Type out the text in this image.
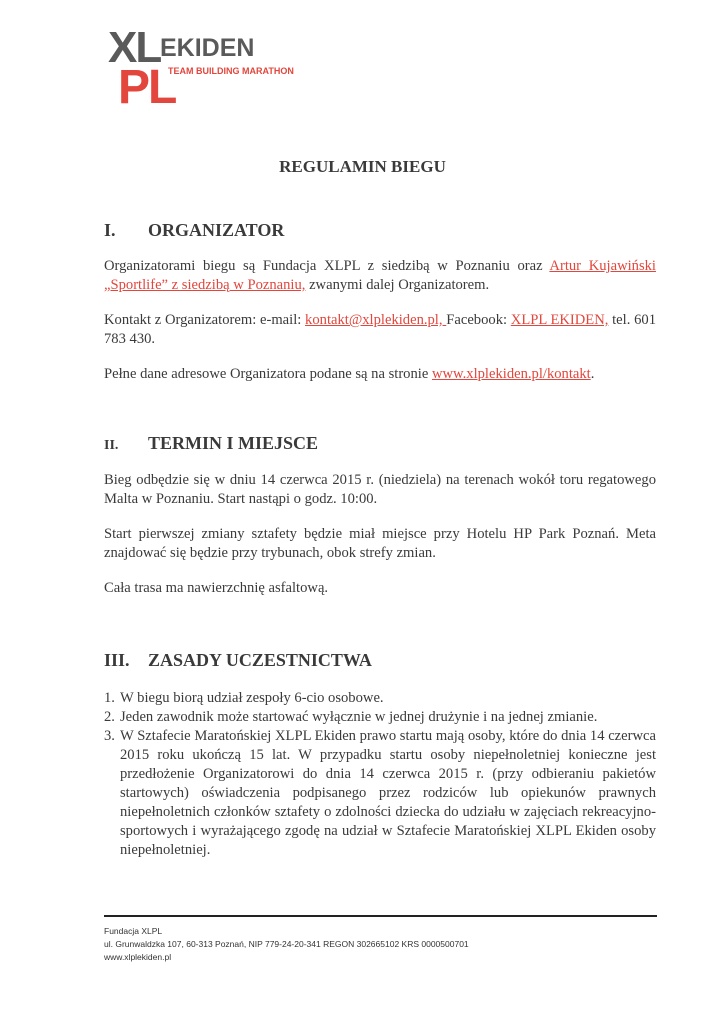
XL
PL
EKIDEN
TEAM BUILDING MARATHON
REGULAMIN BIEGU
I. ORGANIZATOR
Organizatorami biegu są Fundacja XLPL z siedzibą w Poznaniu oraz Artur Kujawiński „Sportlife” z siedzibą w Poznaniu, zwanymi dalej Organizatorem.
Kontakt z Organizatorem: e-mail: kontakt@xlplekiden.pl, Facebook: XLPL EKIDEN, tel. 601 783 430.
Pełne dane adresowe Organizatora podane są na stronie www.xlplekiden.pl/kontakt.
II. TERMIN I MIEJSCE
Bieg odbędzie się w dniu 14 czerwca 2015 r. (niedziela) na terenach wokół toru regatowego Malta w Poznaniu. Start nastąpi o godz. 10:00.
Start pierwszej zmiany sztafety będzie miał miejsce przy Hotelu HP Park Poznań. Meta znajdować się będzie przy trybunach, obok strefy zmian.
Cała trasa ma nawierzchnię asfaltową.
III. ZASADY UCZESTNICTWA
1. W biegu biorą udział zespoły 6-cio osobowe.
2. Jeden zawodnik może startować wyłącznie w jednej drużynie i na jednej zmianie.
3. W Sztafecie Maratońskiej XLPL Ekiden prawo startu mają osoby, które do dnia 14 czerwca 2015 roku ukończą 15 lat. W przypadku startu osoby niepełnoletniej konieczne jest przedłożenie Organizatorowi do dnia 14 czerwca 2015 r. (przy odbieraniu pakietów startowych) oświadczenia podpisanego przez rodziców lub opiekunów prawnych niepełnoletnich członków sztafety o zdolności dziecka do udziału w zajęciach rekreacyjno-sportowych i wyrażającego zgodę na udział w Sztafecie Maratońskiej XLPL Ekiden osoby niepełnoletniej.
Fundacja XLPL
ul. Grunwaldzka 107, 60-313 Poznań, NIP 779-24-20-341 REGON 302665102 KRS 0000500701
www.xlplekiden.pl
